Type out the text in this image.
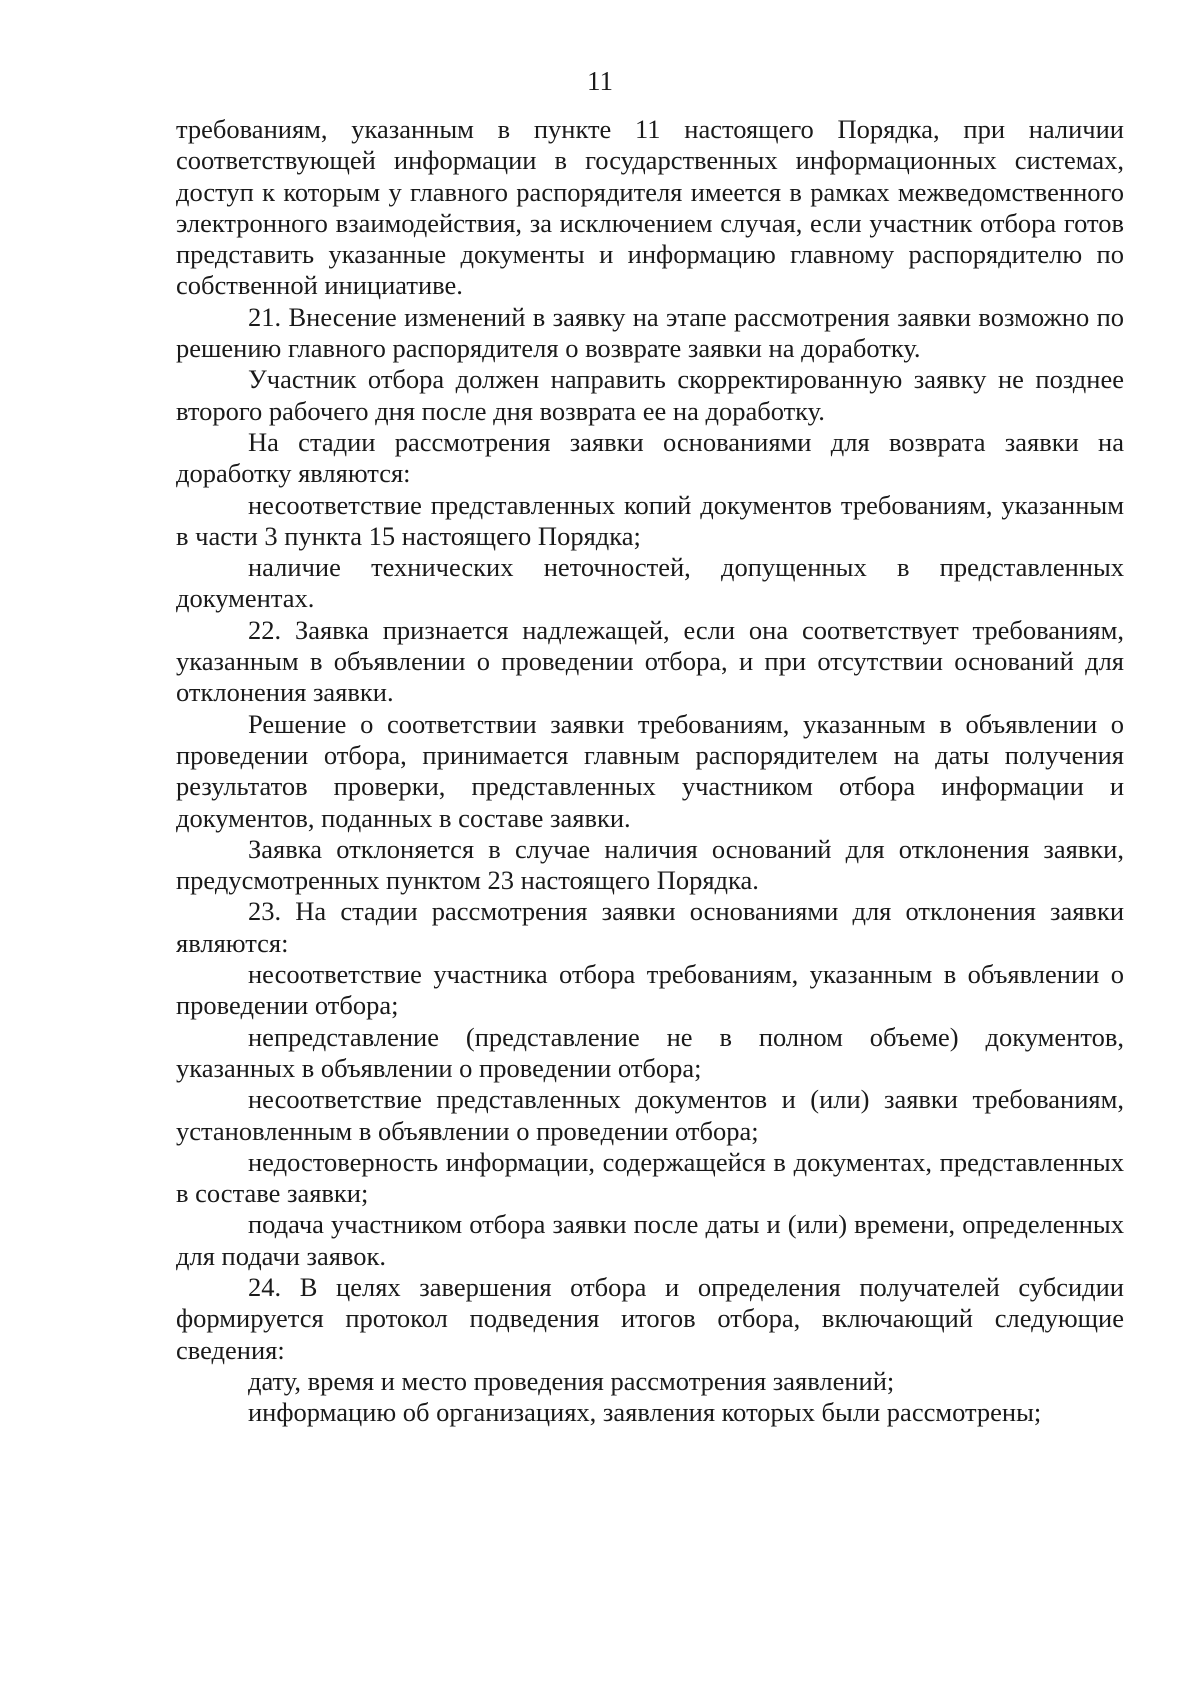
11

требованиям, указанным в пункте 11 настоящего Порядка, при наличии соответствующей информации в государственных информационных системах, доступ к которым у главного распорядителя имеется в рамках межведомственного электронного взаимодействия, за исключением случая, если участник отбора готов представить указанные документы и информацию главному распорядителю по собственной инициативе.

21. Внесение изменений в заявку на этапе рассмотрения заявки возможно по решению главного распорядителя о возврате заявки на доработку.

Участник отбора должен направить скорректированную заявку не позднее второго рабочего дня после дня возврата ее на доработку.

На стадии рассмотрения заявки основаниями для возврата заявки на доработку являются:

несоответствие представленных копий документов требованиям, указанным в части 3 пункта 15 настоящего Порядка;

наличие технических неточностей, допущенных в представленных документах.

22. Заявка признается надлежащей, если она соответствует требованиям, указанным в объявлении о проведении отбора, и при отсутствии оснований для отклонения заявки.

Решение о соответствии заявки требованиям, указанным в объявлении о проведении отбора, принимается главным распорядителем на даты получения результатов проверки, представленных участником отбора информации и документов, поданных в составе заявки.

Заявка отклоняется в случае наличия оснований для отклонения заявки, предусмотренных пунктом 23 настоящего Порядка.

23. На стадии рассмотрения заявки основаниями для отклонения заявки являются:

несоответствие участника отбора требованиям, указанным в объявлении о проведении отбора;

непредставление (представление не в полном объеме) документов, указанных в объявлении о проведении отбора;

несоответствие представленных документов и (или) заявки требованиям, установленным в объявлении о проведении отбора;

недостоверность информации, содержащейся в документах, представленных в составе заявки;

подача участником отбора заявки после даты и (или) времени, определенных для подачи заявок.

24. В целях завершения отбора и определения получателей субсидии формируется протокол подведения итогов отбора, включающий следующие сведения:

дату, время и место проведения рассмотрения заявлений;

информацию об организациях, заявления которых были рассмотрены;
